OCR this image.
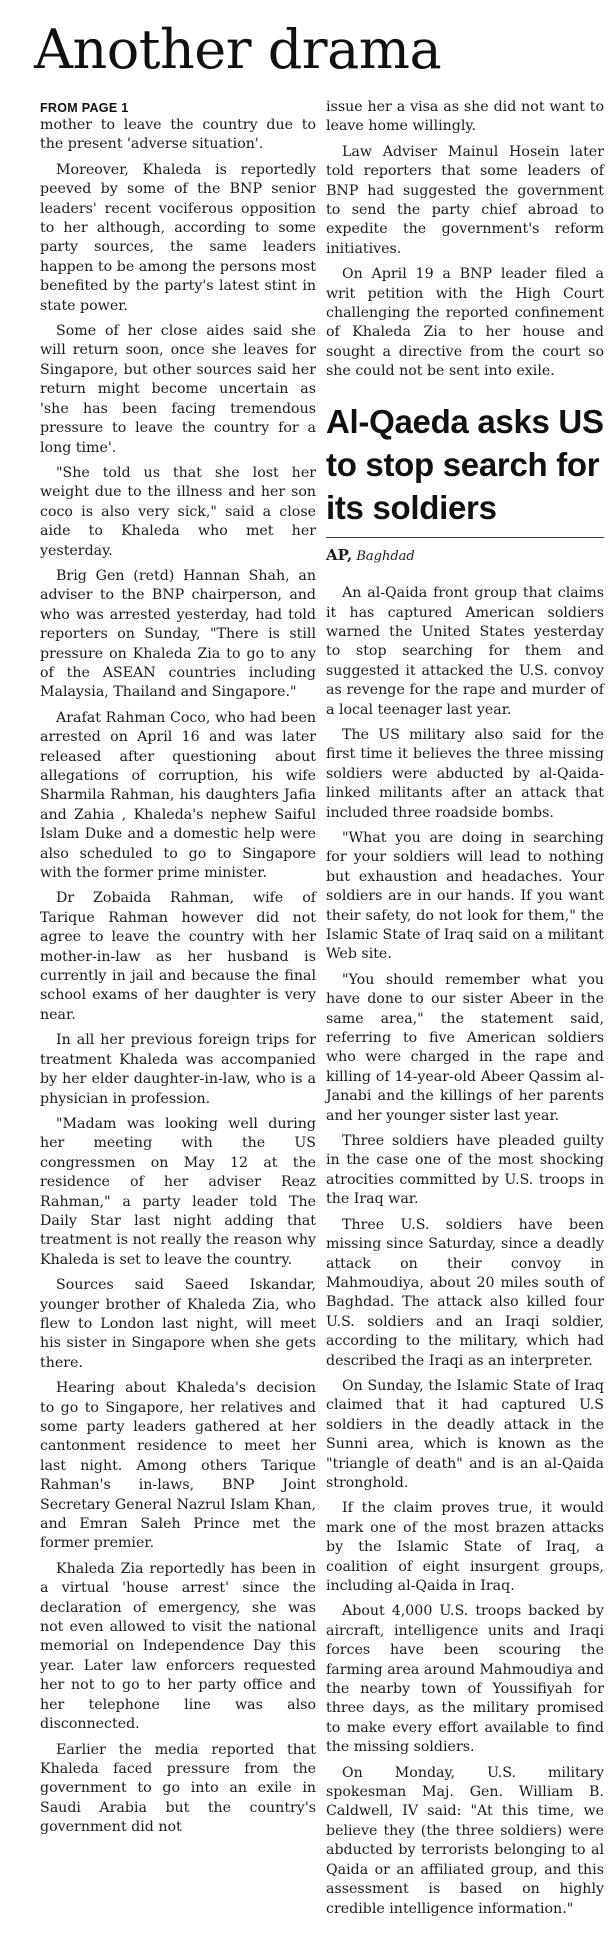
Another drama
FROM PAGE 1

mother to leave the country due to the present 'adverse situation'.

Moreover, Khaleda is reportedly peeved by some of the BNP senior leaders' recent vociferous opposition to her although, according to some party sources, the same leaders happen to be among the persons most benefited by the party's latest stint in state power.

Some of her close aides said she will return soon, once she leaves for Singapore, but other sources said her return might become uncertain as 'she has been facing tremendous pressure to leave the country for a long time'.

"She told us that she lost her weight due to the illness and her son coco is also very sick," said a close aide to Khaleda who met her yesterday.

Brig Gen (retd) Hannan Shah, an adviser to the BNP chairperson, and who was arrested yesterday, had told reporters on Sunday, "There is still pressure on Khaleda Zia to go to any of the ASEAN countries including Malaysia, Thailand and Singapore."

Arafat Rahman Coco, who had been arrested on April 16 and was later released after questioning about allegations of corruption, his wife Sharmila Rahman, his daughters Jafia and Zahia , Khaleda's nephew Saiful Islam Duke and a domestic help were also scheduled to go to Singapore with the former prime minister.

Dr Zobaida Rahman, wife of Tarique Rahman however did not agree to leave the country with her mother-in-law as her husband is currently in jail and because the final school exams of her daughter is very near.

In all her previous foreign trips for treatment Khaleda was accompanied by her elder daughter-in-law, who is a physician in profession.

"Madam was looking well during her meeting with the US congressmen on May 12 at the residence of her adviser Reaz Rahman," a party leader told The Daily Star last night adding that treatment is not really the reason why Khaleda is set to leave the country.

Sources said Saeed Iskandar, younger brother of Khaleda Zia, who flew to London last night, will meet his sister in Singapore when she gets there.

Hearing about Khaleda's decision to go to Singapore, her relatives and some party leaders gathered at her cantonment residence to meet her last night. Among others Tarique Rahman's in-laws, BNP Joint Secretary General Nazrul Islam Khan, and Emran Saleh Prince met the former premier.

Khaleda Zia reportedly has been in a virtual 'house arrest' since the declaration of emergency, she was not even allowed to visit the national memorial on Independence Day this year. Later law enforcers requested her not to go to her party office and her telephone line was also disconnected.

Earlier the media reported that Khaleda faced pressure from the government to go into an exile in Saudi Arabia but the country's government did not

issue her a visa as she did not want to leave home willingly.

Law Adviser Mainul Hosein later told reporters that some leaders of BNP had suggested the government to send the party chief abroad to expedite the government's reform initiatives.

On April 19 a BNP leader filed a writ petition with the High Court challenging the reported confinement of Khaleda Zia to her house and sought a directive from the court so she could not be sent into exile.

Al-Qaeda asks US to stop search for its soldiers
AP, Baghdad

An al-Qaida front group that claims it has captured American soldiers warned the United States yesterday to stop searching for them and suggested it attacked the U.S. convoy as revenge for the rape and murder of a local teenager last year.

The US military also said for the first time it believes the three missing soldiers were abducted by al-Qaida-linked militants after an attack that included three roadside bombs.

"What you are doing in searching for your soldiers will lead to nothing but exhaustion and headaches. Your soldiers are in our hands. If you want their safety, do not look for them," the Islamic State of Iraq said on a militant Web site.

"You should remember what you have done to our sister Abeer in the same area," the statement said, referring to five American soldiers who were charged in the rape and killing of 14-year-old Abeer Qassim al-Janabi and the killings of her parents and her younger sister last year.

Three soldiers have pleaded guilty in the case one of the most shocking atrocities committed by U.S. troops in the Iraq war.

Three U.S. soldiers have been missing since Saturday, since a deadly attack on their convoy in Mahmoudiya, about 20 miles south of Baghdad. The attack also killed four U.S. soldiers and an Iraqi soldier, according to the military, which had described the Iraqi as an interpreter.

On Sunday, the Islamic State of Iraq claimed that it had captured U.S soldiers in the deadly attack in the Sunni area, which is known as the "triangle of death" and is an al-Qaida stronghold.

If the claim proves true, it would mark one of the most brazen attacks by the Islamic State of Iraq, a coalition of eight insurgent groups, including al-Qaida in Iraq.

About 4,000 U.S. troops backed by aircraft, intelligence units and Iraqi forces have been scouring the farming area around Mahmoudiya and the nearby town of Youssifiyah for three days, as the military promised to make every effort available to find the missing soldiers.

On Monday, U.S. military spokesman Maj. Gen. William B. Caldwell, IV said: "At this time, we believe they (the three soldiers) were abducted by terrorists belonging to al Qaida or an affiliated group, and this assessment is based on highly credible intelligence information."
